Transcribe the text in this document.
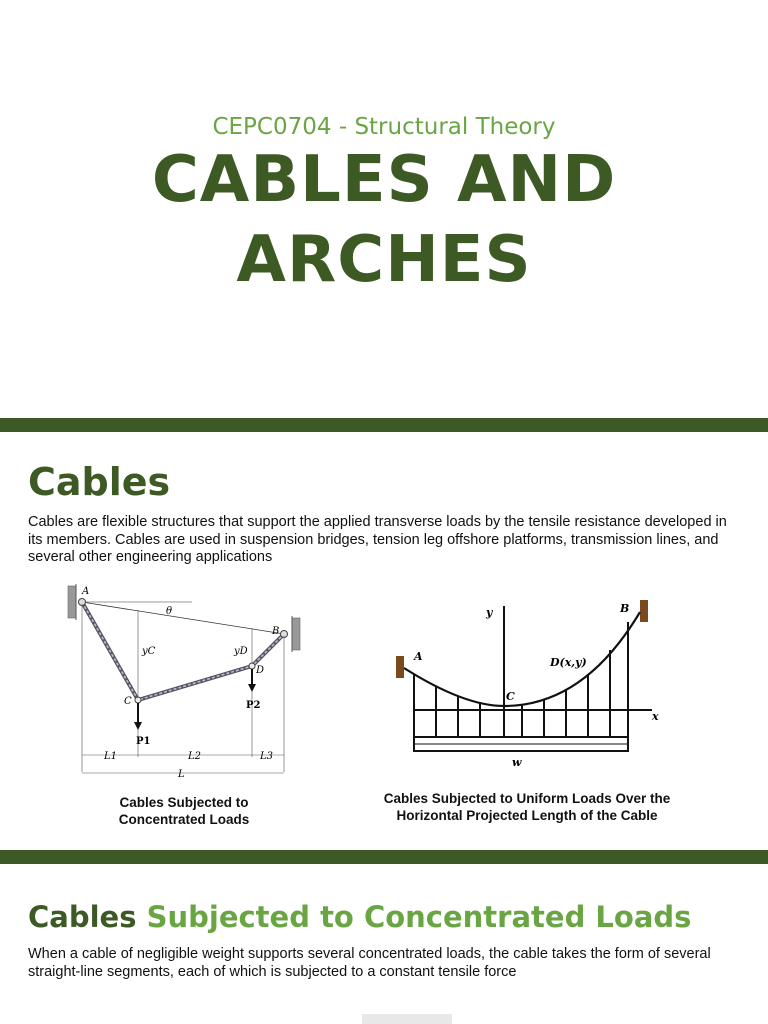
CEPC0704 - Structural Theory
CABLES AND
ARCHES
Cables
Cables are flexible structures that support the applied transverse loads by the tensile resistance developed in its members. Cables are used in suspension bridges, tension leg offshore platforms, transmission lines, and several other engineering applications
A
B
C
D
θ
yC	yD
P1
P2
L1	L2	L3
L
Cables Subjected to Concentrated Loads
A
B
C
y
x
D(x,y)
w
Cables Subjected to Uniform Loads Over the Horizontal Projected Length of the Cable
Cables Subjected to Concentrated Loads
When a cable of negligible weight supports several concentrated loads, the cable takes the form of several straight-line segments, each of which is subjected to a constant tensile force
